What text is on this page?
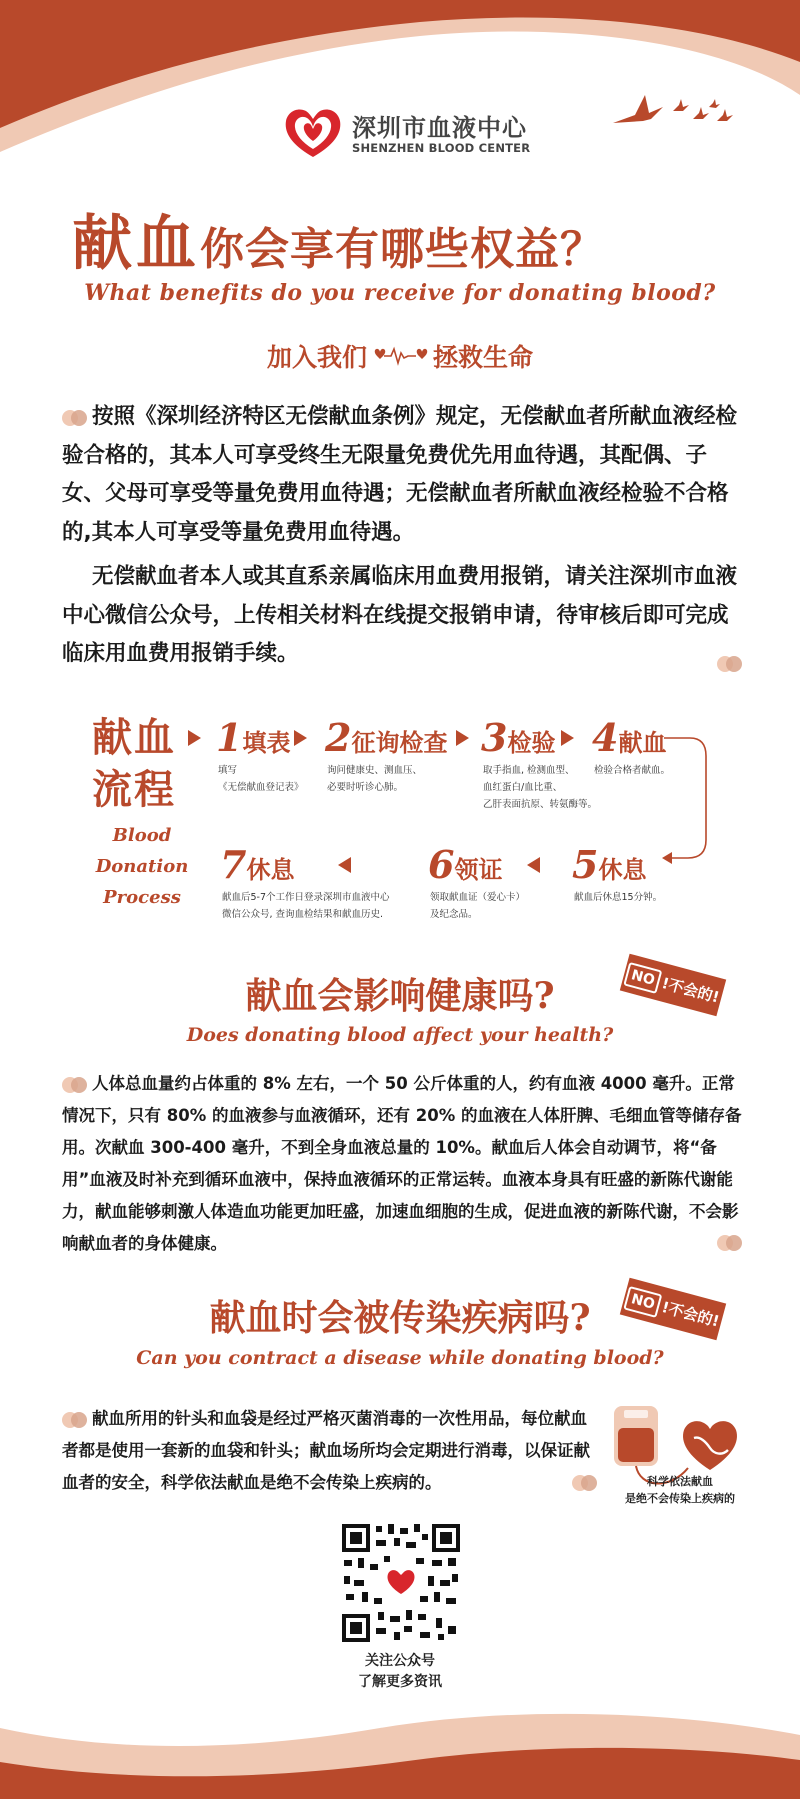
深圳市血液中心
SHENZHEN BLOOD CENTER
献血你会享有哪些权益？
What benefits do you receive for donating blood?
加入我们	拯救生命
按照《深圳经济特区无偿献血条例》规定，无偿献血者所献血液经检验合格的，其本人可享受终生无限量免费优先用血待遇，其配偶、子女、父母可享受等量免费用血待遇；无偿献血者所献血液经检验不合格的,其本人可享受等量免费用血待遇。
无偿献血者本人或其直系亲属临床用血费用报销，请关注深圳市血液中心微信公众号，上传相关材料在线提交报销申请，待审核后即可完成临床用血费用报销手续。
献血
流程
Blood
Donation
Process
1填表
填写
《无偿献血登记表》
2征询检查
询问健康史、测血压、
必要时听诊心肺。
3检验
取手指血, 检测血型、
血红蛋白/血比重、
乙肝表面抗原、转氨酶等。
4献血
检验合格者献血。
7休息
献血后5-7个工作日登录深圳市血液中心
微信公众号, 查询血检结果和献血历史.
6领证
领取献血证（爱心卡）
及纪念品。
5休息
献血后休息15分钟。
献血会影响健康吗?
Does donating blood affect your health?
NO !不会的!
人体总血量约占体重的 8% 左右，一个 50 公斤体重的人，约有血液 4000 毫升。正常情况下，只有 80% 的血液参与血液循环，还有 20% 的血液在人体肝脾、毛细血管等储存备用。次献血 300-400 毫升，不到全身血液总量的 10%。献血后人体会自动调节，将“备用”血液及时补充到循环血液中，保持血液循环的正常运转。血液本身具有旺盛的新陈代谢能力，献血能够刺激人体造血功能更加旺盛，加速血细胞的生成，促进血液的新陈代谢，不会影响献血者的身体健康。
献血时会被传染疾病吗?
Can you contract a disease while donating blood?
NO !不会的!
献血所用的针头和血袋是经过严格灭菌消毒的一次性用品，每位献血者都是使用一套新的血袋和针头；献血场所均会定期进行消毒，以保证献血者的安全，科学依法献血是绝不会传染上疾病的。	科学依法献血
是绝不会传染上疾病的
关注公众号
了解更多资讯
